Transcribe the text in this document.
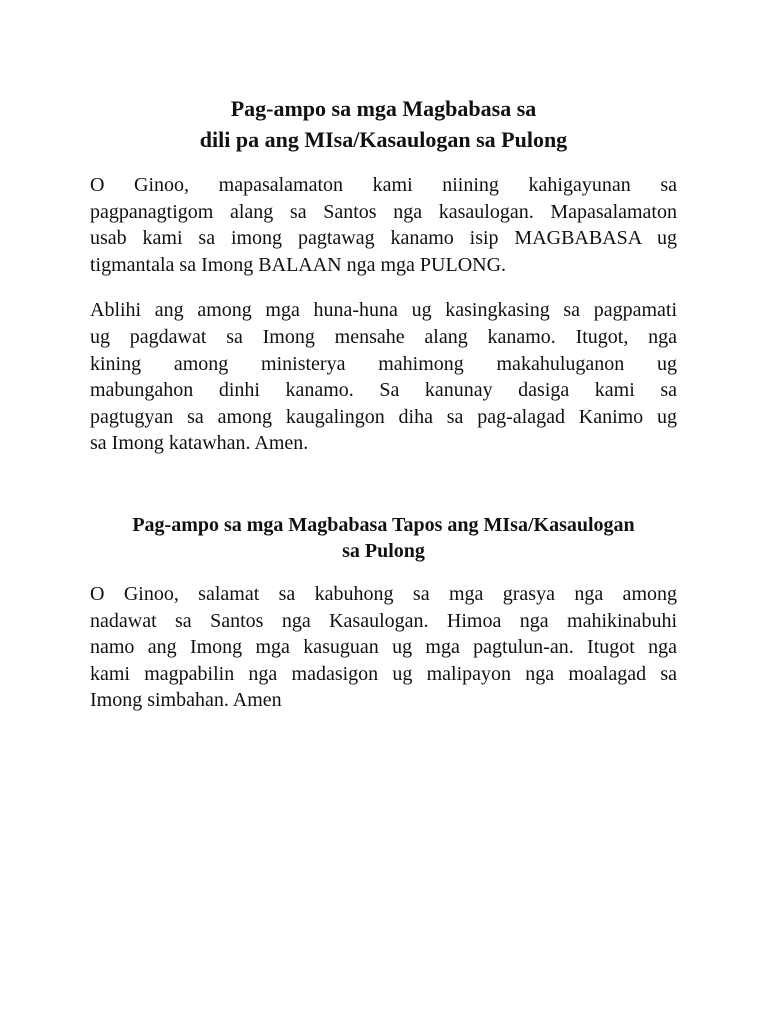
Pag-ampo sa mga Magbabasa sa
dili pa ang MIsa/Kasaulogan sa Pulong

O Ginoo, mapasalamaton kami niining kahigayunan sa
pagpanagtigom alang sa Santos nga kasaulogan. Mapasalamaton
usab kami sa imong pagtawag kanamo isip MAGBABASA ug
tigmantala sa Imong BALAAN nga mga PULONG.

Ablihi ang among mga huna-huna ug kasingkasing sa pagpamati
ug pagdawat sa Imong mensahe alang kanamo. Itugot, nga
kining among ministerya mahimong makahuluganon ug
mabungahon dinhi kanamo. Sa kanunay dasiga kami sa
pagtugyan sa among kaugalingon diha sa pag-alagad Kanimo ug
sa Imong katawhan. Amen.

Pag-ampo sa mga Magbabasa Tapos ang MIsa/Kasaulogan
sa Pulong

O Ginoo, salamat sa kabuhong sa mga grasya nga among
nadawat sa Santos nga Kasaulogan. Himoa nga mahikinabuhi
namo ang Imong mga kasuguan ug mga pagtulun-an. Itugot nga
kami magpabilin nga madasigon ug malipayon nga moalagad sa
Imong simbahan. Amen
